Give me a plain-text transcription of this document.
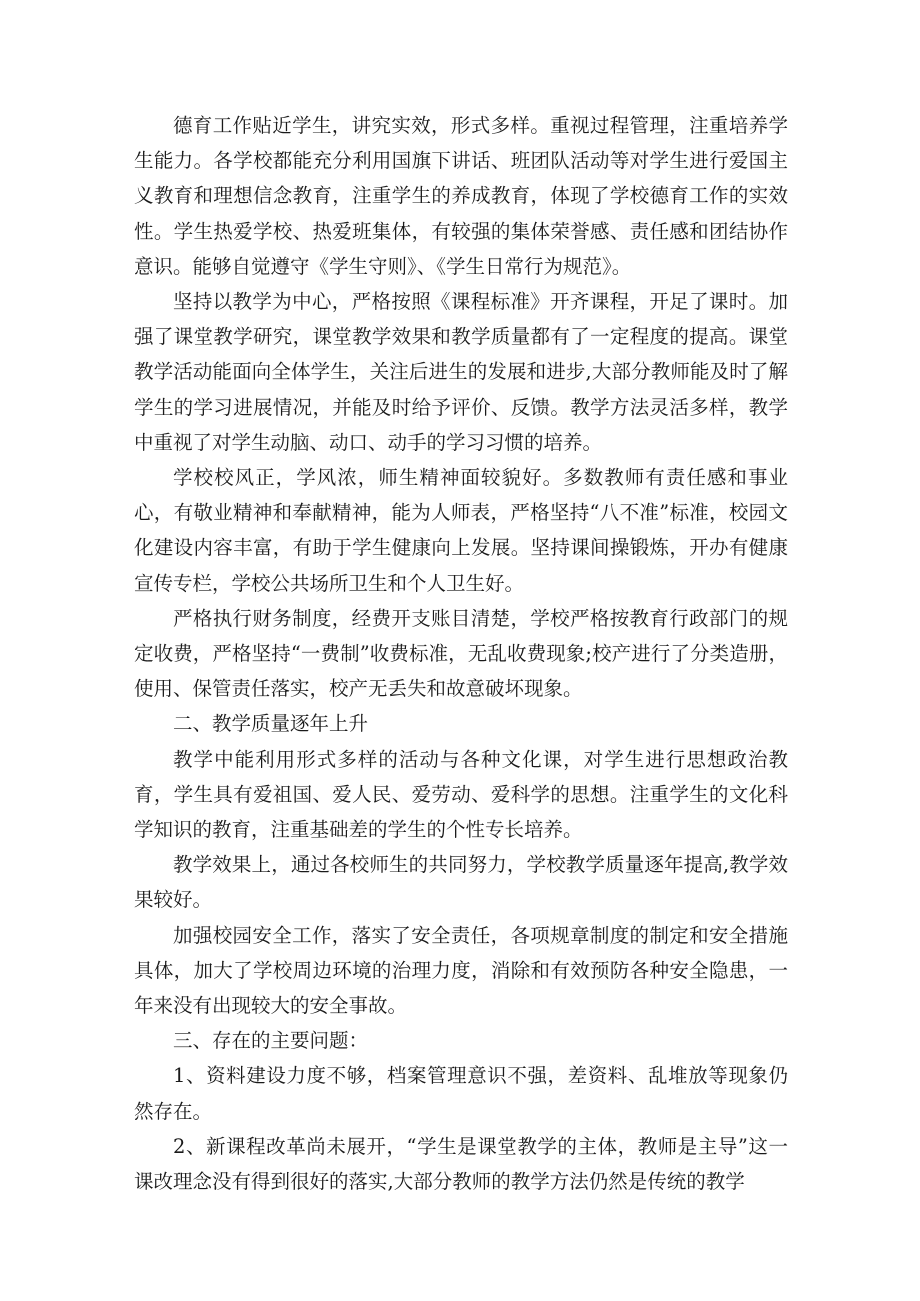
德育工作贴近学生，讲究实效，形式多样。重视过程管理，注重培养学生能力。各学校都能充分利用国旗下讲话、班团队活动等对学生进行爱国主义教育和理想信念教育，注重学生的养成教育，体现了学校德育工作的实效性。学生热爱学校、热爱班集体，有较强的集体荣誉感、责任感和团结协作意识。能够自觉遵守《学生守则》、《学生日常行为规范》。

坚持以教学为中心，严格按照《课程标准》开齐课程，开足了课时。加强了课堂教学研究，课堂教学效果和教学质量都有了一定程度的提高。课堂教学活动能面向全体学生，关注后进生的发展和进步,大部分教师能及时了解学生的学习进展情况，并能及时给予评价、反馈。教学方法灵活多样，教学中重视了对学生动脑、动口、动手的学习习惯的培养。

学校校风正，学风浓，师生精神面较貌好。多数教师有责任感和事业心，有敬业精神和奉献精神，能为人师表，严格坚持“八不准”标准，校园文化建设内容丰富，有助于学生健康向上发展。坚持课间操锻炼，开办有健康宣传专栏，学校公共场所卫生和个人卫生好。

严格执行财务制度，经费开支账目清楚，学校严格按教育行政部门的规定收费，严格坚持“一费制”收费标准，无乱收费现象;校产进行了分类造册，使用、保管责任落实，校产无丢失和故意破坏现象。

二、教学质量逐年上升

教学中能利用形式多样的活动与各种文化课，对学生进行思想政治教育，学生具有爱祖国、爱人民、爱劳动、爱科学的思想。注重学生的文化科学知识的教育，注重基础差的学生的个性专长培养。

教学效果上，通过各校师生的共同努力，学校教学质量逐年提高,教学效果较好。

加强校园安全工作，落实了安全责任，各项规章制度的制定和安全措施具体，加大了学校周边环境的治理力度，消除和有效预防各种安全隐患，一年来没有出现较大的安全事故。

三、存在的主要问题：

1、资料建设力度不够，档案管理意识不强，差资料、乱堆放等现象仍然存在。

2、新课程改革尚未展开，“学生是课堂教学的主体，教师是主导”这一课改理念没有得到很好的落实,大部分教师的教学方法仍然是传统的教学
